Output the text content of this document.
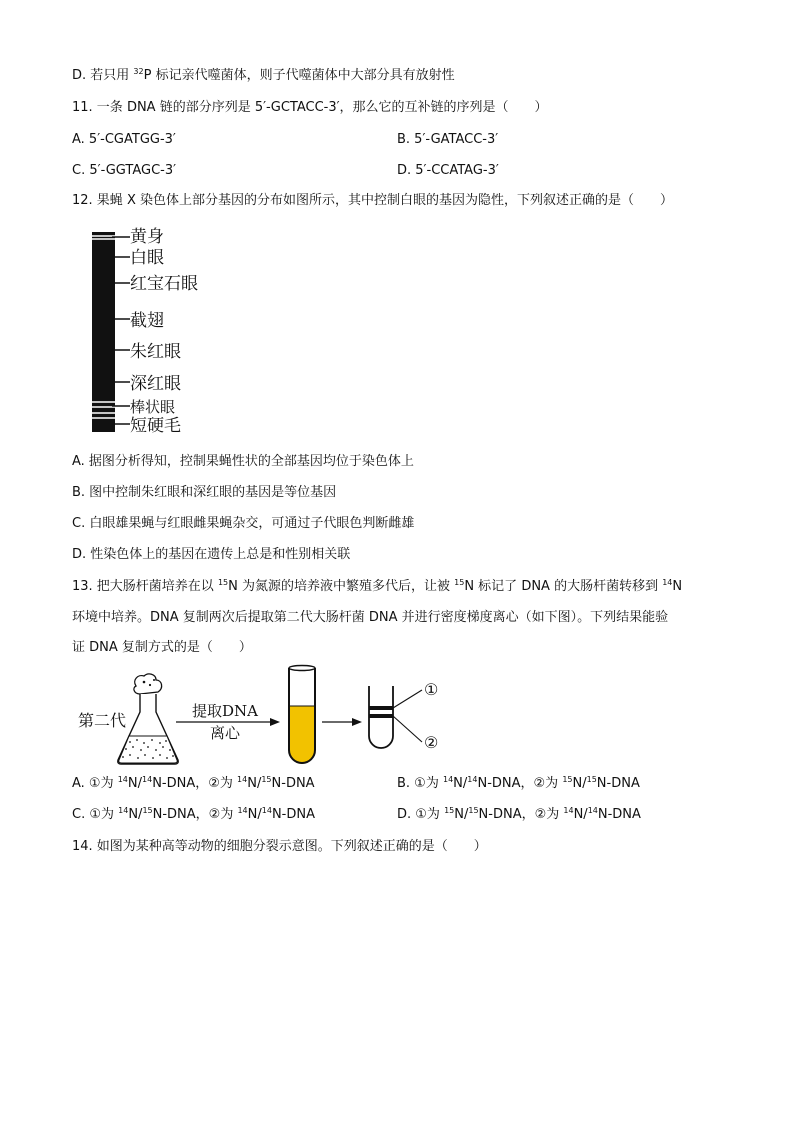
D. 若只用 $^{32}$P 标记亲代噬菌体，则子代噬菌体中大部分具有放射性
11. 一条 DNA 链的部分序列是 5′-GCTACC-3′，那么它的互补链的序列是（　　）
A. 5′-CGATGG-3′	B. 5′-GATACC-3′
C. 5′-GGTAGC-3′	D. 5′-CCATAG-3′
12. 果蝇 X 染色体上部分基因的分布如图所示，其中控制白眼的基因为隐性，下列叙述正确的是（　　）
黄身
白眼
红宝石眼
截翅
朱红眼
深红眼
棒状眼
短硬毛
A. 据图分析得知，控制果蝇性状的全部基因均位于染色体上
B. 图中控制朱红眼和深红眼的基因是等位基因
C. 白眼雄果蝇与红眼雌果蝇杂交，可通过子代眼色判断雌雄
D. 性染色体上的基因在遗传上总是和性别相关联
13. 把大肠杆菌培养在以 $^{15}$N 为氮源的培养液中繁殖多代后，让被 $^{15}$N 标记了 DNA 的大肠杆菌转移到 $^{14}$N
环境中培养。DNA 复制两次后提取第二代大肠杆菌 DNA 并进行密度梯度离心（如下图）。下列结果能验
证 DNA 复制方式的是（　　）
第二代	提取DNA
离心
①
②
A. ①为 $^{14}$N/$^{14}$N-DNA，②为 $^{14}$N/$^{15}$N-DNA	B. ①为 $^{14}$N/$^{14}$N-DNA，②为 $^{15}$N/$^{15}$N-DNA
C. ①为 $^{14}$N/$^{15}$N-DNA，②为 $^{14}$N/$^{14}$N-DNA	D. ①为 $^{15}$N/$^{15}$N-DNA，②为 $^{14}$N/$^{14}$N-DNA
14. 如图为某种高等动物的细胞分裂示意图。下列叙述正确的是（　　）
